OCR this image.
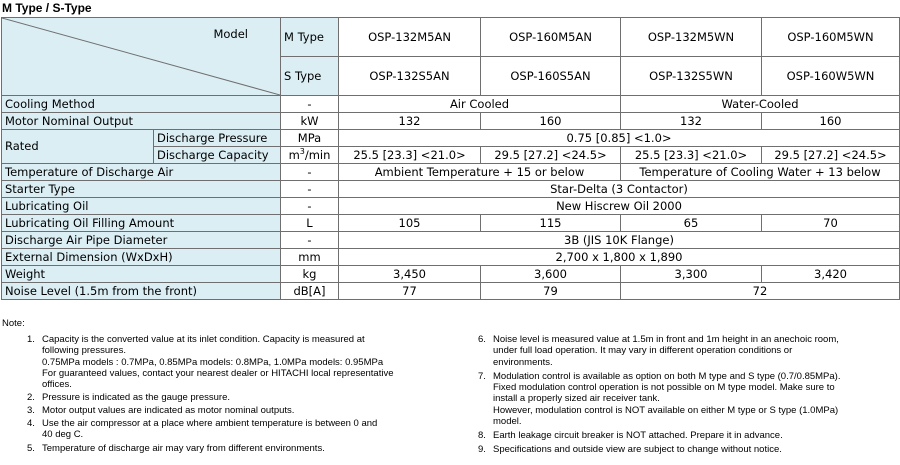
M Type / S-Type
Model		M Type	OSP-132M5AN	OSP-160M5AN	OSP-132M5WN	OSP-160M5WN
		S Type	OSP-132S5AN	OSP-160S5AN	OSP-132S5WN	OSP-160W5WN
Cooling Method		-	Air Cooled		Water-Cooled	
Motor Nominal Output		kW	132	160	132	160
Rated	Discharge Pressure	MPa	0.75 [0.85] <1.0>			
	Discharge Capacity	$m^3/\min$	25.5 [23.3] <21.0>	29.5 [27.2] <24.5>	25.5 [23.3] <21.0>	29.5 [27.2] <24.5>
Temperature of Discharge Air		-	Ambient Temperature + 15 or below		Temperature of Cooling Water + 13 below	
Starter Type		-	Star-Delta (3 Contactor)			
Lubricating Oil		-	New Hiscrew Oil 2000			
Lubricating Oil Filling Amount		L	105	115	65	70
Discharge Air Pipe Diameter		-	3B (JIS 10K Flange)			
External Dimension (WxDxH)		mm	2,700 x 1,800 x 1,890			
Weight		kg	3,450	3,600	3,300	3,420
Noise Level (1.5m from the front)		dB[A]	77	79	72	
Note:
1. Capacity is the converted value at its inlet condition. Capacity is measured at
following pressures.
0.75MPa models : 0.7MPa, 0.85MPa models: 0.8MPa, 1.0MPa models: 0.95MPa
For guaranteed values, contact your nearest dealer or HITACHI local representative
offices.
2. Pressure is indicated as the gauge pressure.
3. Motor output values are indicated as motor nominal outputs.
4. Use the air compressor at a place where ambient temperature is between 0 and
40 deg C.
5. Temperature of discharge air may vary from different environments.
6. Noise level is measured value at 1.5m in front and 1m height in an anechoic room,
under full load operation. It may vary in different operation conditions or
environments.
7. Modulation control is available as option on both M type and S type (0.7/0.85MPa).
Fixed modulation control operation is not possible on M type model. Make sure to
install a properly sized air receiver tank.
However, modulation control is NOT available on either M type or S type (1.0MPa)
model.
8. Earth leakage circuit breaker is NOT attached. Prepare it in advance.
9. Specifications and outside view are subject to change without notice.
